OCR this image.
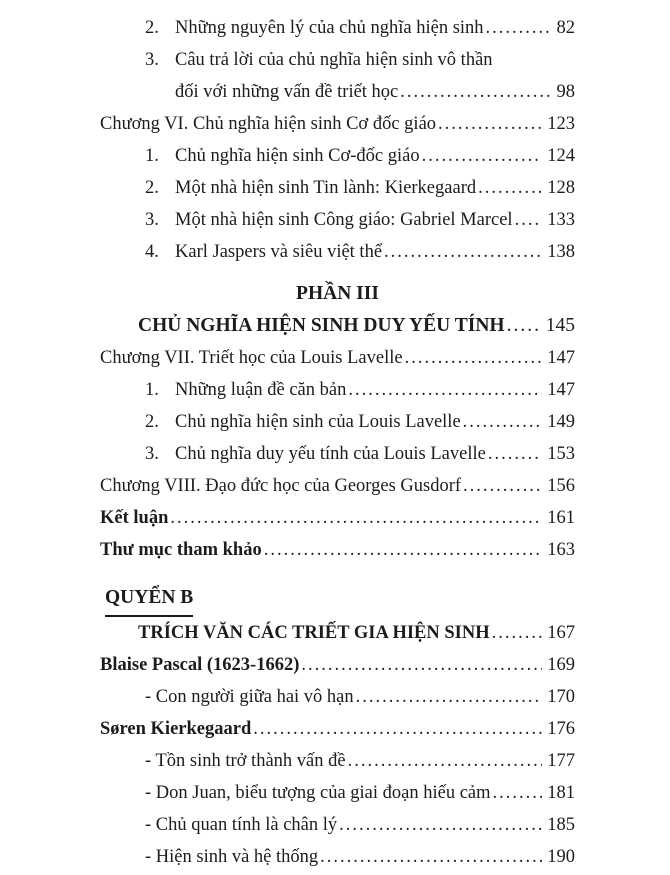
2. Những nguyên lý của chủ nghĩa hiện sinh .....	82
3. Câu trả lời của chủ nghĩa hiện sinh vô thần
đối với những vấn đề triết học .....	98
Chương VI. Chủ nghĩa hiện sinh Cơ đốc giáo .....	123
1. Chủ nghĩa hiện sinh Cơ-đốc giáo .....	124
2. Một nhà hiện sinh Tin lành: Kierkegaard .....	128
3. Một nhà hiện sinh Công giáo: Gabriel Marcel ..... 133
4. Karl Jaspers và siêu việt thể .....	138
PHẦN III
CHỦ NGHĨA HIỆN SINH DUY YẾU TÍNH ..... 145
Chương VII. Triết học của Louis Lavelle .....	147
1. Những luận đề căn bản .....	147
2. Chủ nghĩa hiện sinh của Louis Lavelle .....	149
3. Chủ nghĩa duy yếu tính của Louis Lavelle .....	153
Chương VIII. Đạo đức học của Georges Gusdorf .....	156
Kết luận .....	161
Thư mục tham khảo .....	163
QUYỂN B
TRÍCH VĂN CÁC TRIẾT GIA HIỆN SINH .....	167
Blaise Pascal (1623-1662) .....	169
- Con người giữa hai vô hạn .....	170
Søren Kierkegaard .....	176
- Tồn sinh trở thành vấn đề .....	177
- Don Juan, biểu tượng của giai đoạn hiếu cảm .....	181
- Chủ quan tính là chân lý .....	185
- Hiện sinh và hệ thống .....	190
